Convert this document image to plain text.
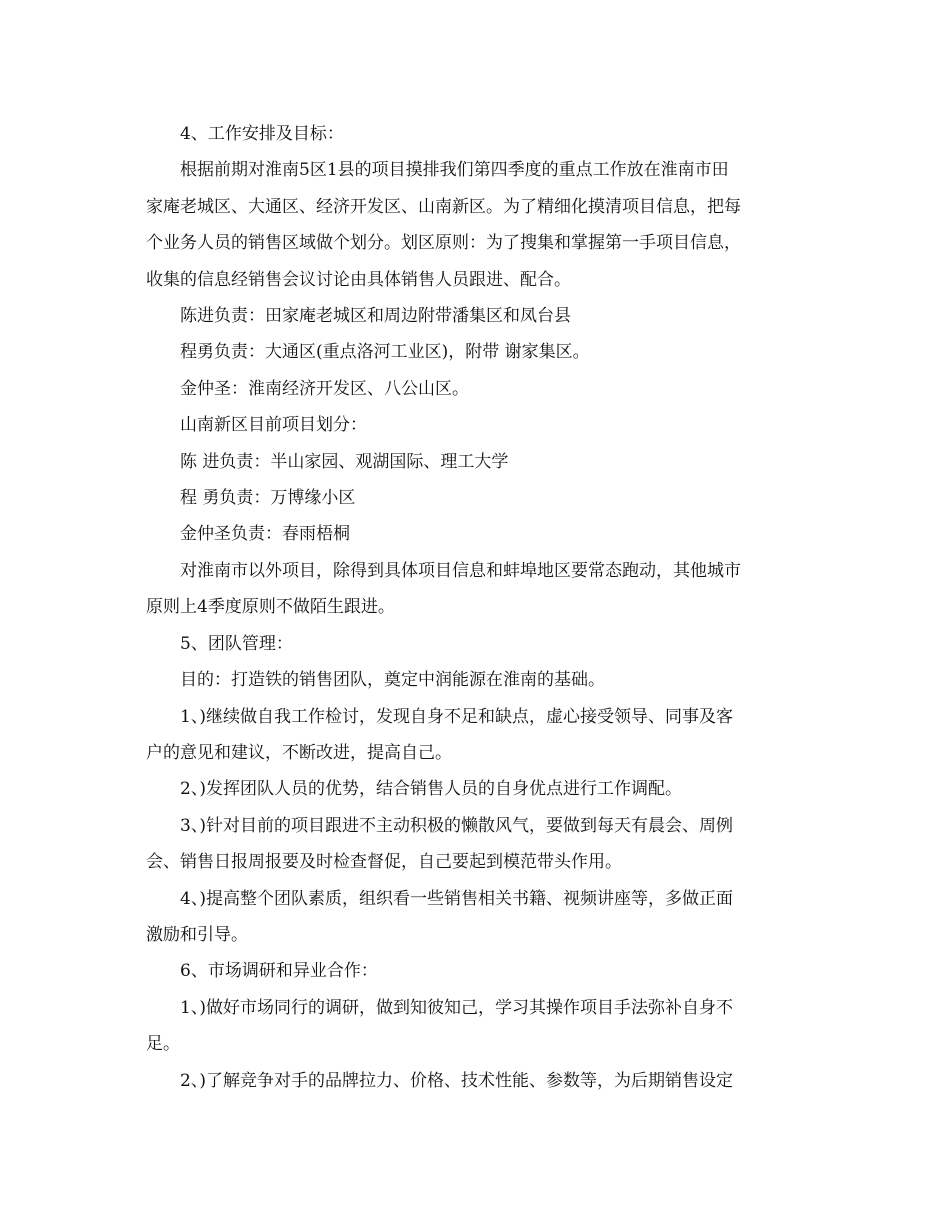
4、工作安排及目标：
根据前期对淮南5区1县的项目摸排我们第四季度的重点工作放在淮南市田
家庵老城区、大通区、经济开发区、山南新区。为了精细化摸清项目信息，把每
个业务人员的销售区域做个划分。划区原则：为了搜集和掌握第一手项目信息，
收集的信息经销售会议讨论由具体销售人员跟进、配合。
陈进负责：田家庵老城区和周边附带潘集区和凤台县
程勇负责：大通区(重点洛河工业区)，附带 谢家集区。
金仲圣：淮南经济开发区、八公山区。
山南新区目前项目划分：
陈 进负责：半山家园、观湖国际、理工大学
程 勇负责：万博缘小区
金仲圣负责：春雨梧桐
对淮南市以外项目，除得到具体项目信息和蚌埠地区要常态跑动，其他城市
原则上4季度原则不做陌生跟进。
5、团队管理：
目的：打造铁的销售团队，奠定中润能源在淮南的基础。
1、)继续做自我工作检讨，发现自身不足和缺点，虚心接受领导、同事及客
户的意见和建议，不断改进，提高自己。
2、)发挥团队人员的优势，结合销售人员的自身优点进行工作调配。
3、)针对目前的项目跟进不主动积极的懒散风气，要做到每天有晨会、周例
会、销售日报周报要及时检查督促，自己要起到模范带头作用。
4、)提高整个团队素质，组织看一些销售相关书籍、视频讲座等，多做正面
激励和引导。
6、市场调研和异业合作：
1、)做好市场同行的调研，做到知彼知己，学习其操作项目手法弥补自身不
足。
2、)了解竞争对手的品牌拉力、价格、技术性能、参数等，为后期销售设定
